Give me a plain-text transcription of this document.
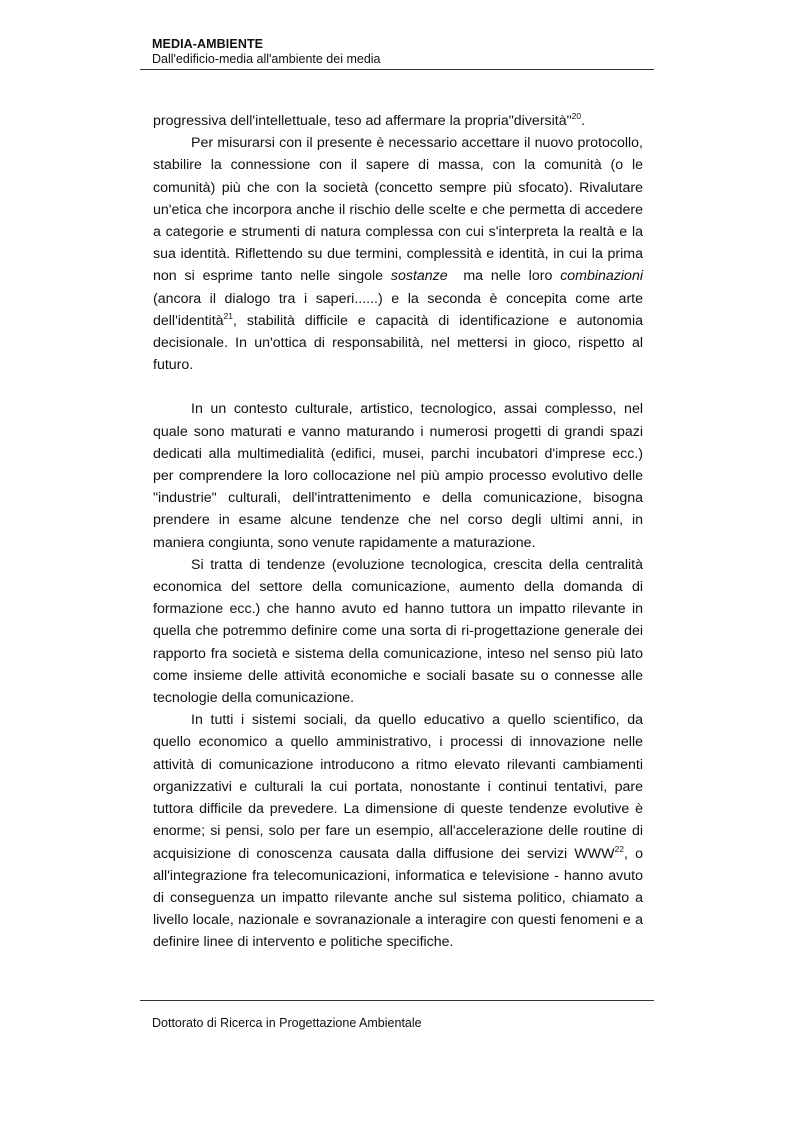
MEDIA-AMBIENTE
Dall'edificio-media all'ambiente dei media

progressiva dell'intellettuale, teso ad affermare la propria"diversità"$^{20}$.

Per misurarsi con il presente è necessario accettare il nuovo protocollo, stabilire la connessione con il sapere di massa, con la comunità (o le comunità) più che con la società (concetto sempre più sfocato). Rivalutare un'etica che incorpora anche il rischio delle scelte e che permetta di accedere a categorie e strumenti di natura complessa con cui s'interpreta la realtà e la sua identità. Riflettendo su due termini, complessità e identità, in cui la prima non si esprime tanto nelle singole sostanze  ma nelle loro combinazioni  (ancora il dialogo tra i saperi......) e la seconda è concepita come arte dell'identità$^{21}$, stabilità difficile e capacità di identificazione e autonomia decisionale. In un'ottica di responsabilità, nel mettersi in gioco, rispetto al futuro.

In un contesto culturale, artistico, tecnologico, assai complesso, nel quale sono maturati e vanno maturando i numerosi progetti di grandi spazi dedicati alla multimedialità (edifici, musei, parchi incubatori d'imprese ecc.) per comprendere la loro collocazione nel più ampio processo evolutivo delle "industrie" culturali, dell'intrattenimento e della comunicazione, bisogna prendere in esame alcune tendenze che nel corso degli ultimi anni, in maniera congiunta, sono venute rapidamente a maturazione.

Si tratta di tendenze (evoluzione tecnologica, crescita della centralità economica del settore della comunicazione, aumento della domanda di formazione ecc.) che hanno avuto ed hanno tuttora un impatto rilevante in quella che potremmo definire come una sorta di ri-progettazione generale dei rapporto fra società e sistema della comunicazione, inteso nel senso più lato come insieme delle attività economiche e sociali basate su o connesse alle tecnologie della comunicazione.

In tutti i sistemi sociali, da quello educativo a quello scientifico, da quello economico a quello amministrativo, i processi di innovazione nelle attività di comunicazione introducono a ritmo elevato rilevanti cambiamenti organizzativi e culturali la cui portata, nonostante i continui tentativi, pare tuttora difficile da prevedere. La dimensione di queste tendenze evolutive è enorme; si pensi, solo per fare un esempio, all'accelerazione delle routine di acquisizione di conoscenza causata dalla diffusione dei servizi WWW$^{22}$, o all'integrazione fra telecomunicazioni, informatica e televisione - hanno avuto di conseguenza un impatto rilevante anche sul sistema politico, chiamato a livello locale, nazionale e sovranazionale a interagire con questi fenomeni e a definire linee di intervento e politiche specifiche.

Dottorato di Ricerca in Progettazione Ambientale
